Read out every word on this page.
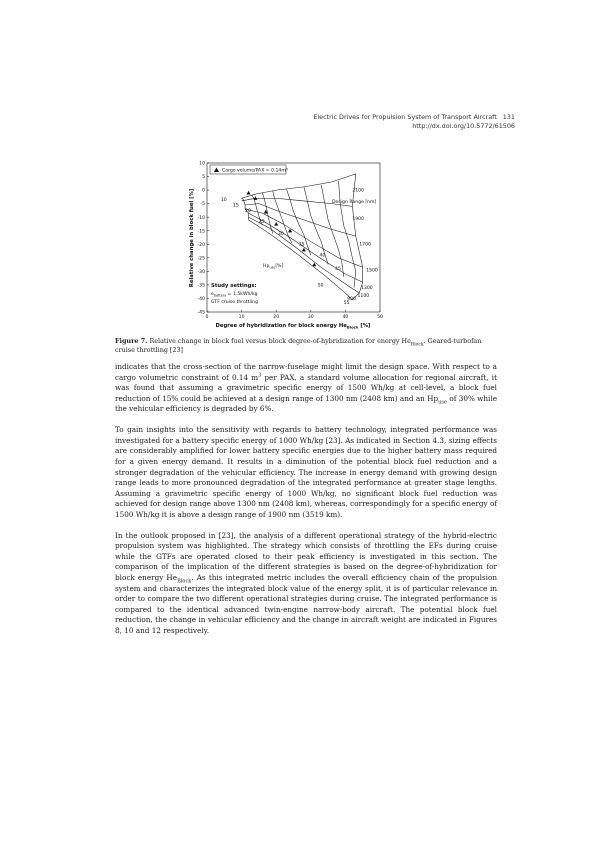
Electric Drives for Propulsion System of Transport Aircraft 131
http://dx.doi.org/10.5772/61506
0	10	20	30	40	50
10
5
0
-5
-10
-15
-20
-25
-30
-35
-40
-45
2100
1900
1700
1500
1300
1100
900
55
10
15
20
25
30
35
40
45
50
Cargo volume/PAX = 0.14m³
Design Range [nm]
$Hp_{use}[\%]$
Study settings:
$e_{battery} = 1.5kWh/kg$
GTF cruise throttling
Relative change in block fuel [%]
Degree of hybridization for block energy $He_{Block}$ [%]
Figure 7. Relative change in block fuel versus block degree-of-hybridization for energy $He_{Block}$. Geared-turbofan cruise throttling [23]

indicates that the cross-section of the narrow-fuselage might limit the design space. With respect to a cargo volumetric constraint of 0.14 $m^3$ per PAX, a standard volume allocation for regional aircraft, it was found that assuming a gravimetric specific energy of 1500 Wh/kg at cell-level, a block fuel reduction of 15% could be achieved at a design range of 1300 nm (2408 km) and an $Hp_{use}$ of 30% while the vehicular efficiency is degraded by 6%.

To gain insights into the sensitivity with regards to battery technology, integrated performance was investigated for a battery specific energy of 1000 Wh/kg [23]. As indicated in Section 4.3, sizing effects are considerably amplified for lower battery specific energies due to the higher battery mass required for a given energy demand. It results in a diminution of the potential block fuel reduction and a stronger degradation of the vehicular efficiency. The increase in energy demand with growing design range leads to more pronounced degradation of the integrated performance at greater stage lengths. Assuming a gravimetric specific energy of 1000 Wh/kg, no significant block fuel reduction was achieved for design range above 1300 nm (2408 km), whereas, correspondingly for a specific energy of 1500 Wh/kg it is above a design range of 1900 nm (3519 km).

In the outlook proposed in [23], the analysis of a different operational strategy of the hybrid-electric propulsion system was highlighted. The strategy which consists of throttling the EFs during cruise while the GTFs are operated closed to their peak efficiency is investigated in this section. The comparison of the implication of the different strategies is based on the degree-of-hybridization for block energy $He_{Block}$. As this integrated metric includes the overall efficiency chain of the propulsion system and characterizes the integrated block value of the energy split, it is of particular relevance in order to compare the two different operational strategies during cruise. The integrated performance is compared to the identical advanced twin-engine narrow-body aircraft. The potential block fuel reduction, the change in vehicular efficiency and the change in aircraft weight are indicated in Figures 8, 10 and 12 respectively.
